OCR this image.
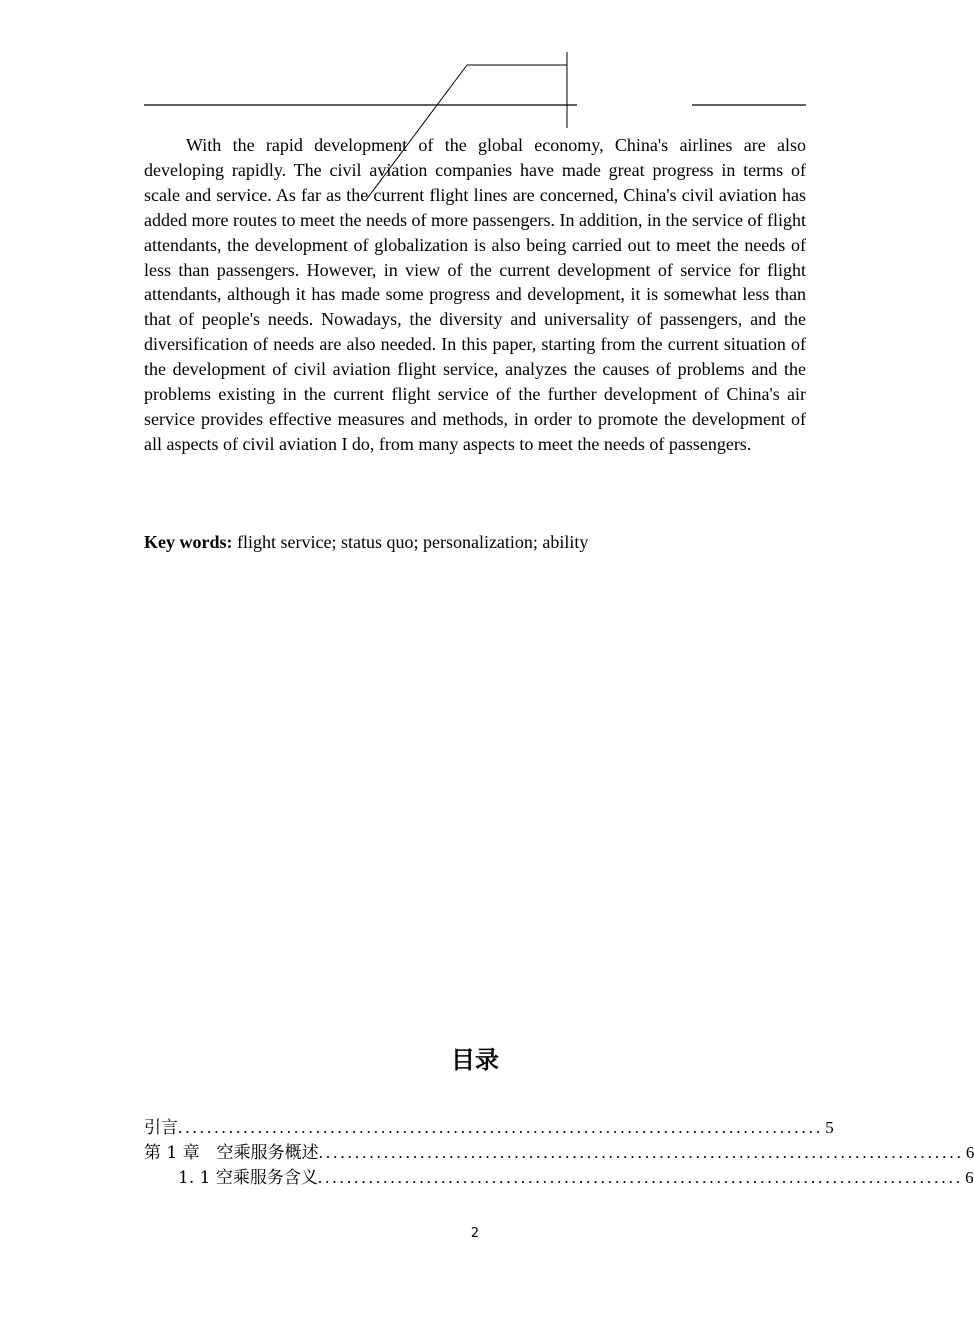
With the rapid development of the global economy, China's airlines are also developing rapidly. The civil aviation companies have made great progress in terms of scale and service. As far as the current flight lines are concerned, China's civil aviation has added more routes to meet the needs of more passengers. In addition, in the service of flight attendants, the development of globalization is also being carried out to meet the needs of less than passengers. However, in view of the current development of service for flight attendants, although it has made some progress and development, it is somewhat less than that of people's needs. Nowadays, the diversity and universality of passengers, and the diversification of needs are also needed. In this paper, starting from the current situation of the development of civil aviation flight service, analyzes the causes of problems and the problems existing in the current flight service of the further development of China's air service provides effective measures and methods, in order to promote the development of all aspects of civil aviation I do, from many aspects to meet the needs of passengers.

Key words: flight service; status quo; personalization; ability

目录
引言 ......................................................................................... 5
第 1 章　空乘服务概述 ......................................................................................... 6
1. 1 空乘服务含义 ......................................................................................... 6
2
